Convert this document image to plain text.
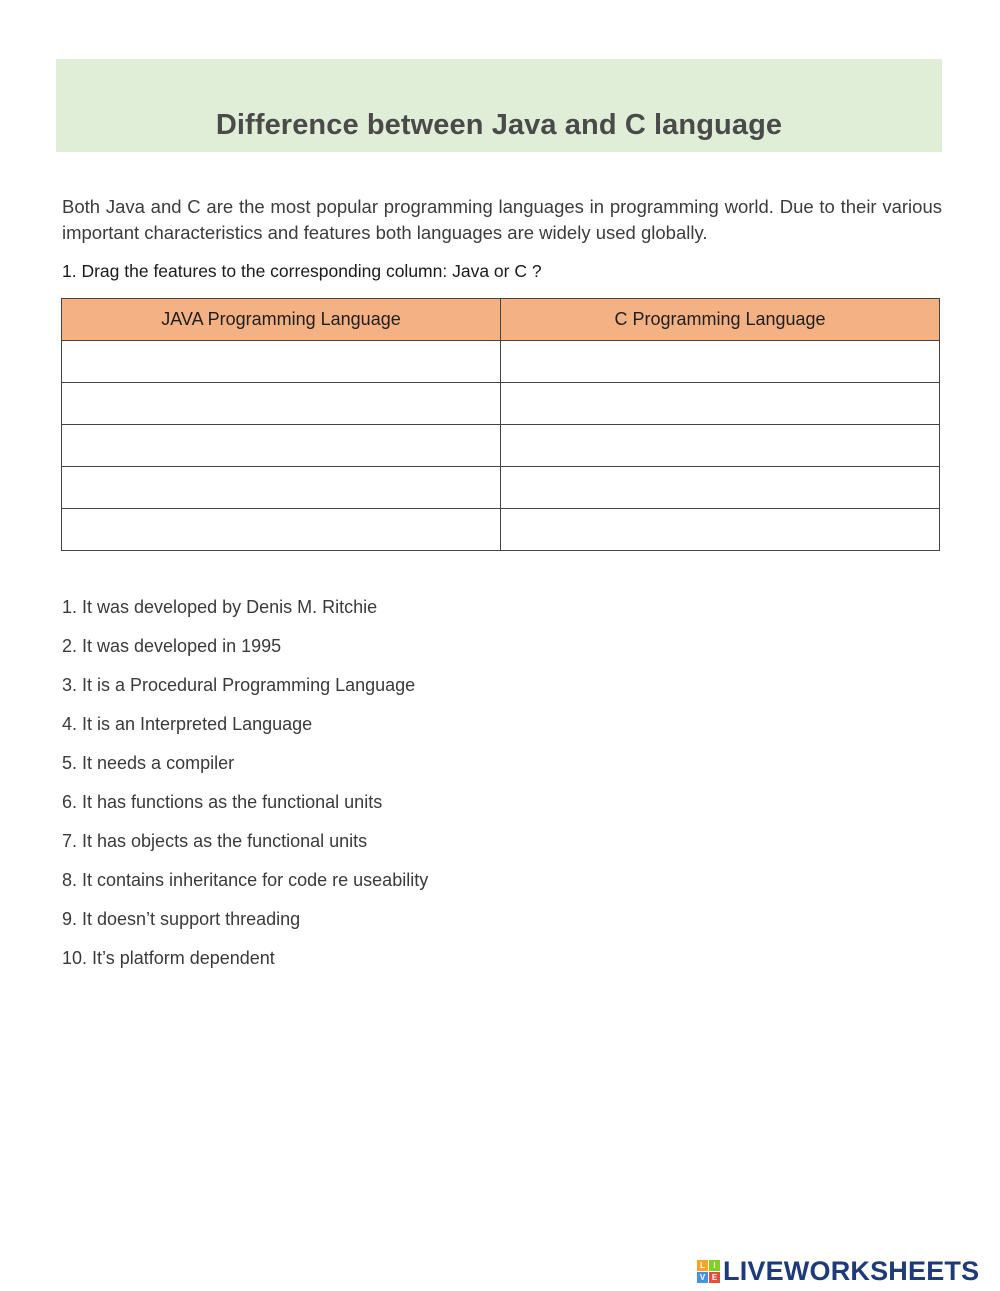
Difference between Java and C language
Both Java and C are the most popular programming languages in programming world. Due to their various important characteristics and features both languages are widely used globally.
1. Drag the features to the corresponding column: Java or C ?
JAVA Programming Language	C Programming Language

1. It was developed by Denis M. Ritchie
2. It was developed in 1995
3. It is a Procedural Programming Language
4. It is an Interpreted Language
5. It needs a compiler
6. It has functions as the functional units
7. It has objects as the functional units
8. It contains inheritance for code re useability
9. It doesn’t support threading
10. It’s platform dependent
L	I
V E LIVEWORKSHEETS
